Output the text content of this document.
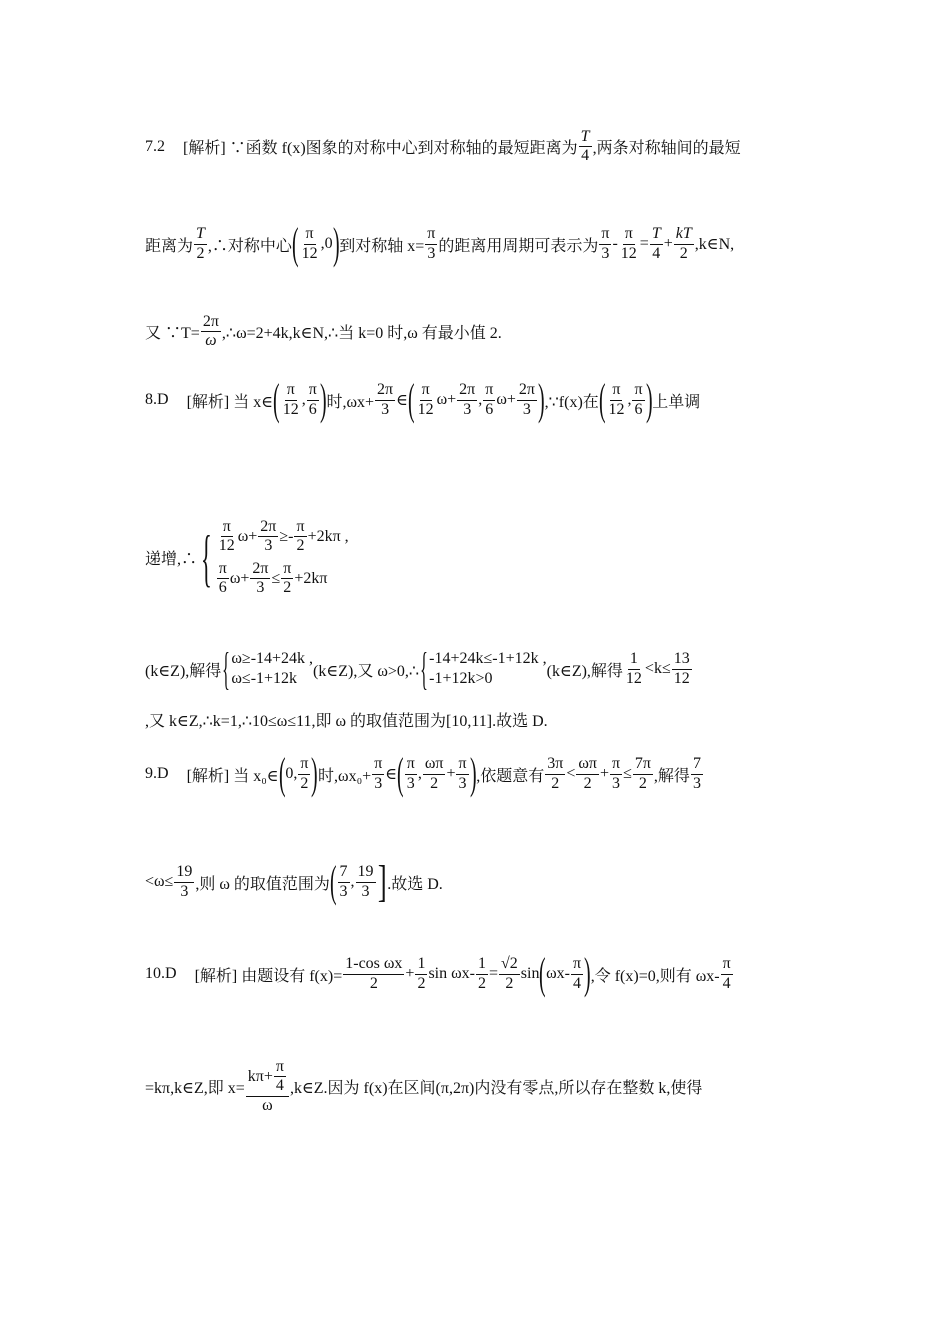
7.2 [解析] ∵函数 f(x)图象的对称中心到对称轴的最短距离为 $\frac{T}{4}$ ,两条对称轴间的最短
距离为 $\frac{T}{2}$ ,∴对称中心 ( $\frac{\pi}{12} ,0$ ) 到对称轴 $x= \frac{\pi}{3}$ 的距离用周期可表示为 $\frac{\pi}{3} - \frac{\pi}{12} = \frac{T}{4} + \frac{kT}{2}$ ,k∈N,
又 ∵T= $\frac{2\pi}{\omega}$ ,∴ω=2+4k,k∈N,∴当 k=0 时,ω 有最小值 2.
8.D [解析] 当 x∈ ( $\frac{\pi}{12}$ , $\frac{\pi}{6}$ ) 时$,\omega x+ \frac{2\pi}{3}$ ∈ ( $\frac{\pi}{12} \omega+ \frac{2\pi}{3}$ , $\frac{\pi}{6} \omega+ \frac{2\pi}{3}$ ) ,∵f(x)在 ( $\frac{\pi}{12}$ , $\frac{\pi}{6}$ ) 上单调
递增,∴ { $\frac{\pi}{12} \omega+ \frac{2\pi}{3} \ge- \frac{\pi}{2} +2k\pi$ ,
$\frac{\pi}{6} \omega+ \frac{2\pi}{3} \le \frac{\pi}{2} +2k\pi$
(k∈Z),解得 { ω≥-14+24k ,
ω≤-1+12k	(k∈Z),又 ω>0,∴ { -14+24k≤-1+12k ,
-1+12k>0	(k∈Z),解得 $\frac{1}{12} <k\le \frac{13}{12}$
,又 k∈Z,∴k=1,∴10≤ω≤11,即 ω 的取值范围为[10,11].故选 D.
9.D [解析] 当 x₀∈ ( 0, $\frac{\pi}{2}$ ) 时$,\omega x_0+ \frac{\pi}{3}$ ∈ ( $\frac{\pi}{3}$ , $\frac{\omega\pi}{2} + \frac{\pi}{3}$ ) ,依题意有 $\frac{3\pi}{2} < \frac{\omega\pi}{2} + \frac{\pi}{3} \le \frac{7\pi}{2}$ ,解得 $\frac{7}{3}$
$<\omega\le \frac{19}{3}$ ,则 ω 的取值范围为 ( $\frac{7}{3}$ , $\frac{19}{3}$ ] .故选 D.
10.D [解析] 由题设有 $f(x)= \frac{\text{1-cos ωx}}{2} + \frac{1}{2}$ $\sin \omega x- \frac{1}{2} = \frac{√2}{2}$ sin ( $\omega x- \frac{\pi}{4}$ ) ,令 f(x)=0,则有 $\omega x- \frac{\pi}{4}$
=kπ,k∈Z,即 $x= \frac{k\pi+ \frac{\pi}{4}}{\omega}$ ,k∈Z.因为 f(x)在区间(π,2π)内没有零点,所以存在整数 k,使得
